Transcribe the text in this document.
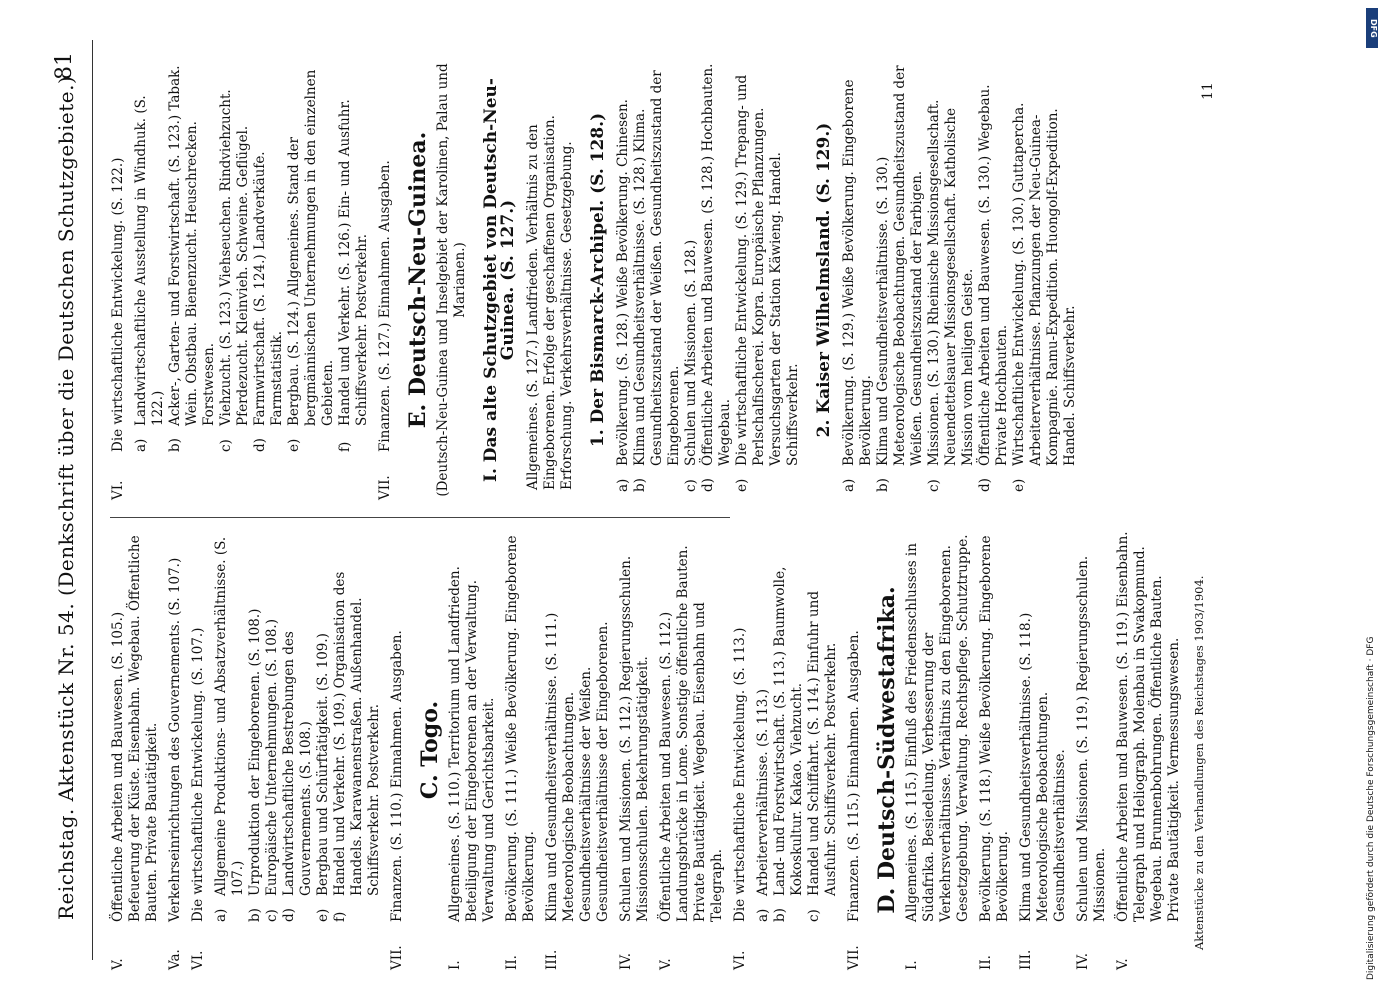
Reichstag. Aktenstück Nr. 54. (Denkschrift über die Deutschen Schutzgebiete.)
81
V.
Öffentliche Arbeiten und Bauwesen. (S. 105.) Befeuerung der Küste. Eisenbahn. Wegebau. Öffentliche Bauten. Private Bautätigkeit.
Va.
Verkehrseinrichtungen des Gouvernements. (S. 107.)
VI.
Die wirtschaftliche Entwickelung. (S. 107.) a)
Allgemeine Produktions- und Absatzverhältnisse. (S. 107.)
b)
Urproduktion der Eingeborenen. (S. 108.)
c)
Europäische Unternehmungen. (S. 108.)
d)
Landwirtschaftliche Bestrebungen des Gouvernements. (S. 108.)
e)
Bergbau und Schürftätigkeit. (S. 109.)
f)
Handel und Verkehr. (S. 109.) Organisation des Handels. Karawanenstraßen. Außenhandel. Schiffsverkehr. Postverkehr.
VII.
Finanzen. (S. 110.) Einnahmen. Ausgaben. C. Togo.
I.
Allgemeines. (S. 110.) Territorium und Landfrieden. Beteiligung der Eingeborenen an der Verwaltung. Verwaltung und Gerichtsbarkeit.
II.
Bevölkerung. (S. 111.) Weiße Bevölkerung. Eingeborene Bevölkerung.
III.
Klima und Gesundheitsverhältnisse. (S. 111.) Meteorologische Beobachtungen. Gesundheitsverhältnisse der Weißen. Gesundheitsverhältnisse der Eingeborenen.
IV.
Schulen und Missionen. (S. 112.) Regierungsschulen. Missionsschulen. Bekehrungstätigkeit.
V.
Öffentliche Arbeiten und Bauwesen. (S. 112.) Landungsbrücke in Lome. Sonstige öffentliche Bauten. Private Bautätigkeit. Wegebau. Eisenbahn und Telegraph.
VI.
Die wirtschaftliche Entwickelung. (S. 113.) a)
Arbeiterverhältnisse. (S. 113.)
b)
Land- und Forstwirtschaft. (S. 113.) Baumwolle, Kokoskultur. Kakao. Viehzucht.
c)
Handel und Schiffahrt. (S. 114.) Einfuhr und Ausfuhr. Schiffsverkehr. Postverkehr.
VII.
Finanzen. (S. 115.) Einnahmen. Ausgaben. D. Deutsch-Südwestafrika.
I.
Allgemeines. (S. 115.) Einfluß des Friedensschlusses in Südafrika. Besiedelung. Verbesserung der Verkehrsverhältnisse. Verhältnis zu den Eingeborenen. Gesetzgebung. Verwaltung. Rechtspflege. Schutztruppe.
II.
Bevölkerung. (S. 118.) Weiße Bevölkerung. Eingeborene Bevölkerung.
III.
Klima und Gesundheitsverhältnisse. (S. 118.) Meteorologische Beobachtungen. Gesundheitsverhältnisse.
IV.
Schulen und Missionen. (S. 119.) Regierungsschulen. Missionen.
V.
Öffentliche Arbeiten und Bauwesen. (S. 119.) Eisenbahn. Telegraph und Heliograph. Molenbau in Swakopmund. Wegebau. Brunnenbohrungen. Öffentliche Bauten. Private Bautätigkeit. Vermessungswesen. Aktenstücke zu den Verhandlungen des Reichstages 1903/1904.
VI.
Die wirtschaftliche Entwickelung. (S. 122.) a)
Landwirtschaftliche Ausstellung in Windhuk. (S. 122.)
b)
Acker-, Garten- und Forstwirtschaft. (S. 123.) Tabak. Wein. Obstbau. Bienenzucht. Heuschrecken. Forstwesen.
c)
Viehzucht. (S. 123.) Viehseuchen. Rindviehzucht. Pferdezucht. Kleinvieh. Schweine. Geflügel.
d)
Farmwirtschaft. (S. 124.) Landverkäufe. Farmstatistik.
e)
Bergbau. (S. 124.) Allgemeines. Stand der bergmännischen Unternehmungen in den einzelnen Gebieten.
f)
Handel und Verkehr. (S. 126.) Ein- und Ausfuhr. Schiffsverkehr. Postverkehr.
VII.
Finanzen. (S. 127.) Einnahmen. Ausgaben. E. Deutsch-Neu-Guinea. (Deutsch-Neu-Guinea und Inselgebiet der Karolinen, Palau und Marianen.) I. Das alte Schutzgebiet von Deutsch-Neu-Guinea. (S. 127.) Allgemeines. (S. 127.) Landfrieden. Verhältnis zu den Eingeborenen. Erfolge der geschaffenen Organisation. Erforschung. Verkehrsverhältnisse. Gesetzgebung. 1. Der Bismarck-Archipel. (S. 128.)
a)
Bevölkerung. (S. 128.) Weiße Bevölkerung. Chinesen.
b)
Klima und Gesundheitsverhältnisse. (S. 128.) Klima. Gesundheitszustand der Weißen. Gesundheitszustand der Eingeborenen.
c)
Schulen und Missionen. (S. 128.)
d)
Öffentliche Arbeiten und Bauwesen. (S. 128.) Hochbauten. Wegebau.
e)
Die wirtschaftliche Entwickelung. (S. 129.) Trepang- und Perlschalfischerei. Kopra. Europäische Pflanzungen. Versuchsgarten der Station Käwieng. Handel. Schiffsverkehr. 2. Kaiser Wilhelmsland. (S. 129.)
a)
Bevölkerung. (S. 129.) Weiße Bevölkerung. Eingeborene Bevölkerung.
b)
Klima und Gesundheitsverhältnisse. (S. 130.) Meteorologische Beobachtungen. Gesundheitszustand der Weißen. Gesundheitszustand der Farbigen.
c)
Missionen. (S. 130.) Rheinische Missionsgesellschaft. Neuendettelsauer Missionsgesellschaft. Katholische Mission vom heiligen Geiste.
d)
Öffentliche Arbeiten und Bauwesen. (S. 130.) Wegebau. Private Hochbauten.
e)
Wirtschaftliche Entwickelung. (S. 130.) Guttapercha. Arbeiterverhältnisse. Pflanzungen der Neu-Guinea-Kompagnie. Ramu-Expedition. Huongolf-Expedition. Handel. Schiffsverkehr.
11
DFG
Digitalisierung gefördert durch die Deutsche Forschungsgemeinschaft · DFG
